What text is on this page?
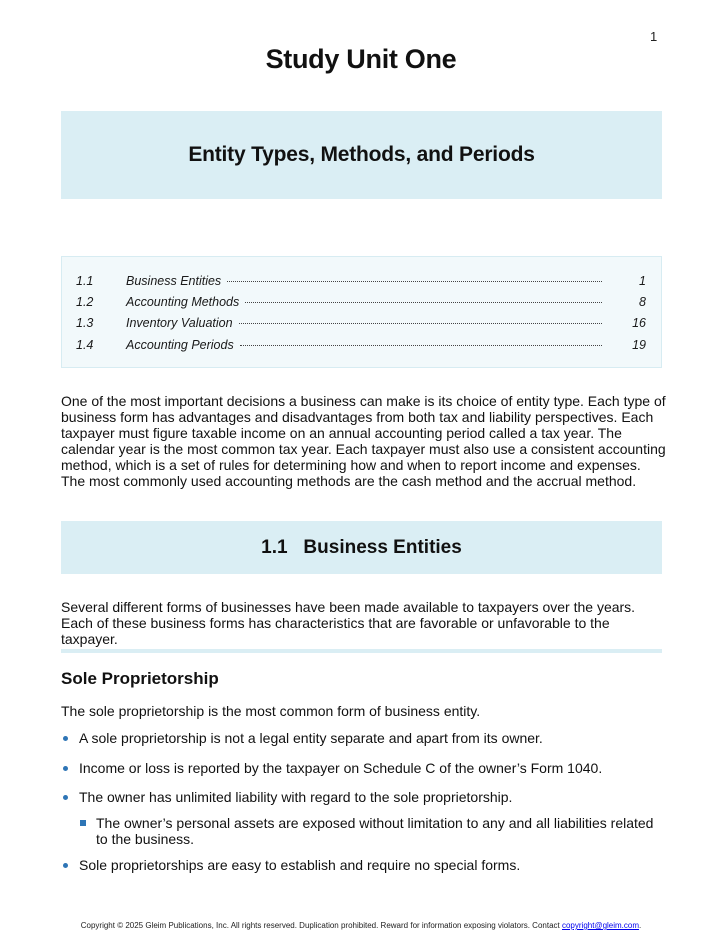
1
Study Unit One
Entity Types, Methods, and Periods
1.1	Business Entities	1
1.2	Accounting Methods	8
1.3	Inventory Valuation	16
1.4	Accounting Periods	19

One of the most important decisions a business can make is its choice of entity type. Each type of business form has advantages and disadvantages from both tax and liability perspectives. Each taxpayer must figure taxable income on an annual accounting period called a tax year. The calendar year is the most common tax year. Each taxpayer must also use a consistent accounting method, which is a set of rules for determining how and when to report income and expenses. The most commonly used accounting methods are the cash method and the accrual method.

1.1   Business Entities

Several different forms of businesses have been made available to taxpayers over the years. Each of these business forms has characteristics that are favorable or unfavorable to the taxpayer.

Sole Proprietorship

The sole proprietorship is the most common form of business entity.

A sole proprietorship is not a legal entity separate and apart from its owner.
Income or loss is reported by the taxpayer on Schedule C of the owner’s Form 1040.
The owner has unlimited liability with regard to the sole proprietorship.
The owner’s personal assets are exposed without limitation to any and all liabilities related to the business.
Sole proprietorships are easy to establish and require no special forms.
Copyright © 2025 Gleim Publications, Inc. All rights reserved. Duplication prohibited. Reward for information exposing violators. Contact copyright@gleim.com.
